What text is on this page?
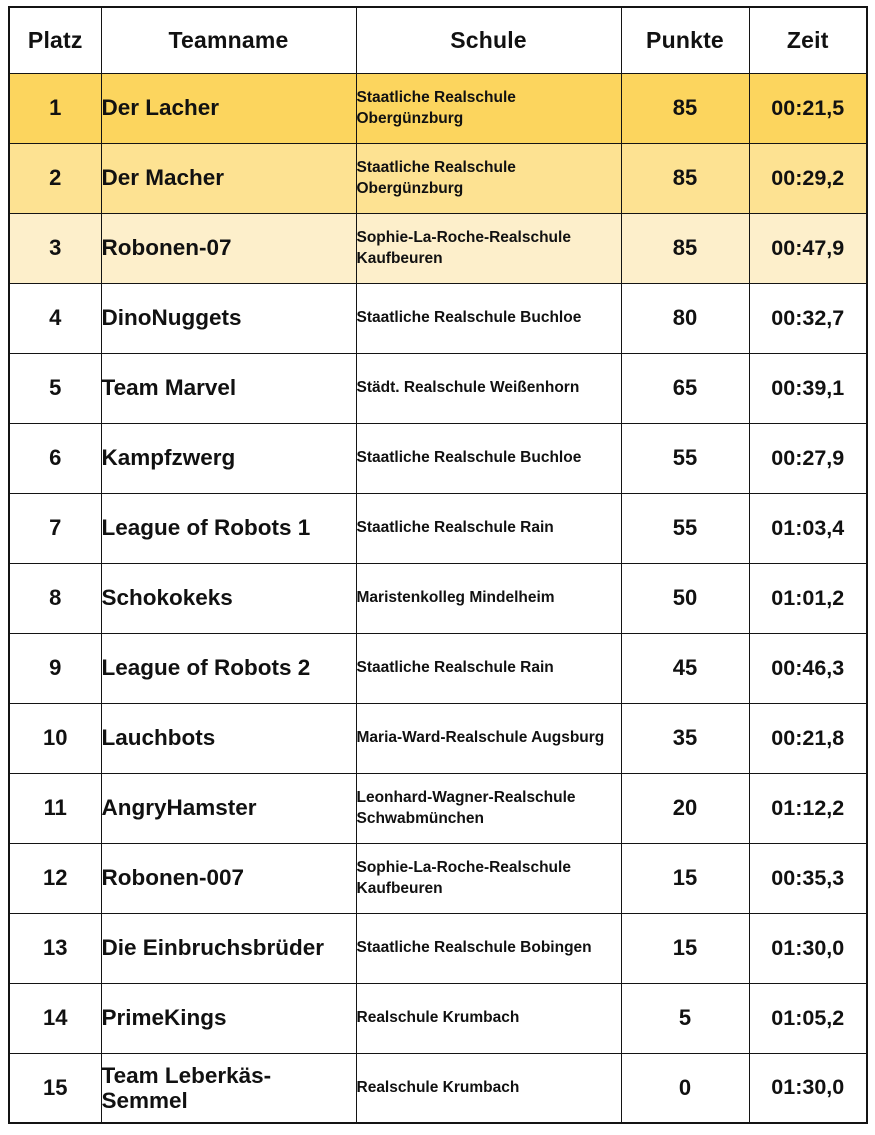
Platz	Teamname	Schule	Punkte	Zeit
1	Der Lacher	Staatliche Realschule Obergünzburg	85	00:21,5
2	Der Macher	Staatliche Realschule Obergünzburg	85	00:29,2
3	Robonen-07	Sophie-La-Roche-Realschule Kaufbeuren	85	00:47,9
4	DinoNuggets	Staatliche Realschule Buchloe	80	00:32,7
5	Team Marvel	Städt. Realschule Weißenhorn	65	00:39,1
6	Kampfzwerg	Staatliche Realschule Buchloe	55	00:27,9
7	League of Robots 1	Staatliche Realschule Rain	55	01:03,4
8	Schokokeks	Maristenkolleg Mindelheim	50	01:01,2
9	League of Robots 2	Staatliche Realschule Rain	45	00:46,3
10	Lauchbots	Maria-Ward-Realschule Augsburg	35	00:21,8
11	AngryHamster	Leonhard-Wagner-Realschule Schwabmünchen	20	01:12,2
12	Robonen-007	Sophie-La-Roche-Realschule Kaufbeuren	15	00:35,3
13	Die Einbruchsbrüder	Staatliche Realschule Bobingen	15	01:30,0
14	PrimeKings	Realschule Krumbach	5	01:05,2
15	Team Leberkäs-Semmel	Realschule Krumbach	0	01:30,0
